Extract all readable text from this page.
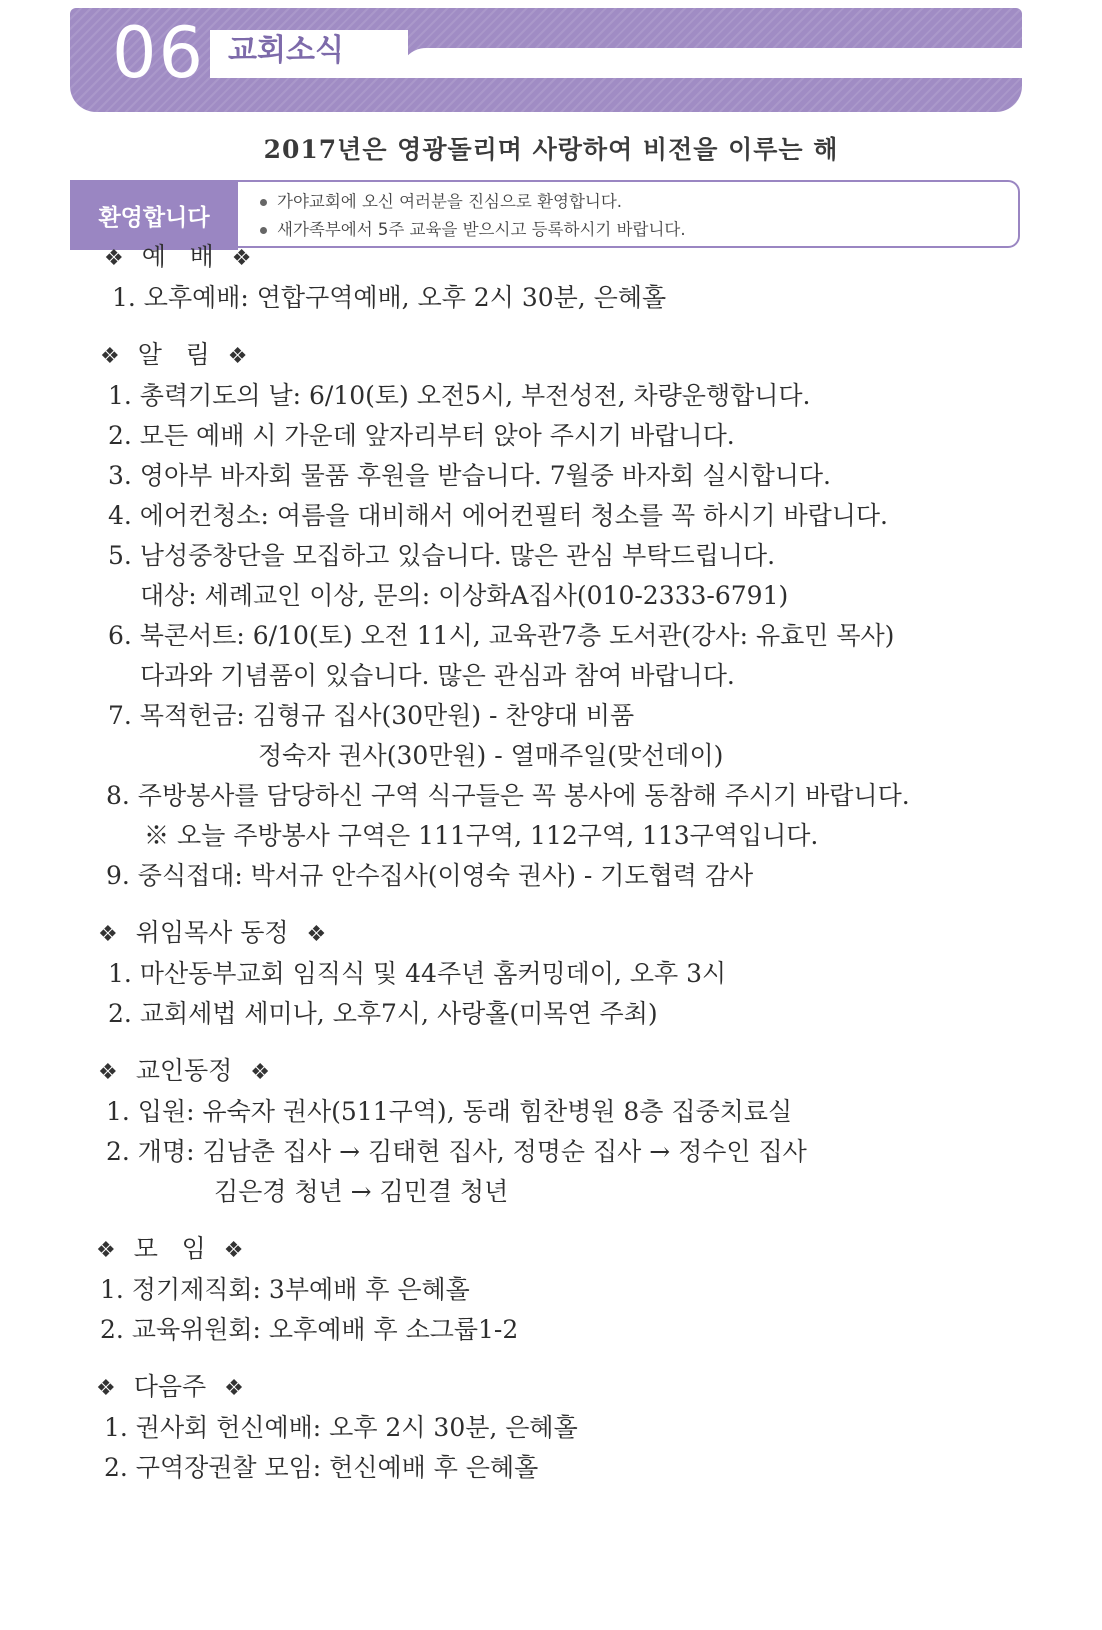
06 교회소식
2017년은 영광돌리며 사랑하여 비전을 이루는 해
환영합니다
가야교회에 오신 여러분을 진심으로 환영합니다.
새가족부에서 5주 교육을 받으시고 등록하시기 바랍니다.
❖ 예   배 ❖
1. 오후예배: 연합구역예배, 오후 2시 30분, 은혜홀
❖ 알   림 ❖
1. 총력기도의 날: 6/10(토) 오전5시, 부전성전, 차량운행합니다.
2. 모든 예배 시 가운데 앞자리부터 앉아 주시기 바랍니다.
3. 영아부 바자회 물품 후원을 받습니다. 7월중 바자회 실시합니다.
4. 에어컨청소: 여름을 대비해서 에어컨필터 청소를 꼭 하시기 바랍니다.
5. 남성중창단을 모집하고 있습니다. 많은 관심 부탁드립니다.
대상: 세례교인 이상, 문의: 이상화A집사(010-2333-6791)
6. 북콘서트: 6/10(토) 오전 11시, 교육관7층 도서관(강사: 유효민 목사)
다과와 기념품이 있습니다. 많은 관심과 참여 바랍니다.
7. 목적헌금: 김형규 집사(30만원) - 찬양대 비품
정숙자 권사(30만원) - 열매주일(맞선데이)
8. 주방봉사를 담당하신 구역 식구들은 꼭 봉사에 동참해 주시기 바랍니다.
※ 오늘 주방봉사 구역은 111구역, 112구역, 113구역입니다.
9. 중식접대: 박서규 안수집사(이영숙 권사) - 기도협력 감사
❖ 위임목사 동정 ❖
1. 마산동부교회 임직식 및 44주년 홈커밍데이, 오후 3시
2. 교회세법 세미나, 오후7시, 사랑홀(미목연 주최)
❖ 교인동정 ❖
1. 입원: 유숙자 권사(511구역), 동래 힘찬병원 8층 집중치료실
2. 개명: 김남춘 집사 → 김태현 집사, 정명순 집사 → 정수인 집사
김은경 청년 → 김민결 청년
❖ 모   임 ❖
1. 정기제직회: 3부예배 후 은혜홀
2. 교육위원회: 오후예배 후 소그룹1-2
❖ 다음주 ❖
1. 권사회 헌신예배: 오후 2시 30분, 은혜홀
2. 구역장권찰 모임: 헌신예배 후 은혜홀
